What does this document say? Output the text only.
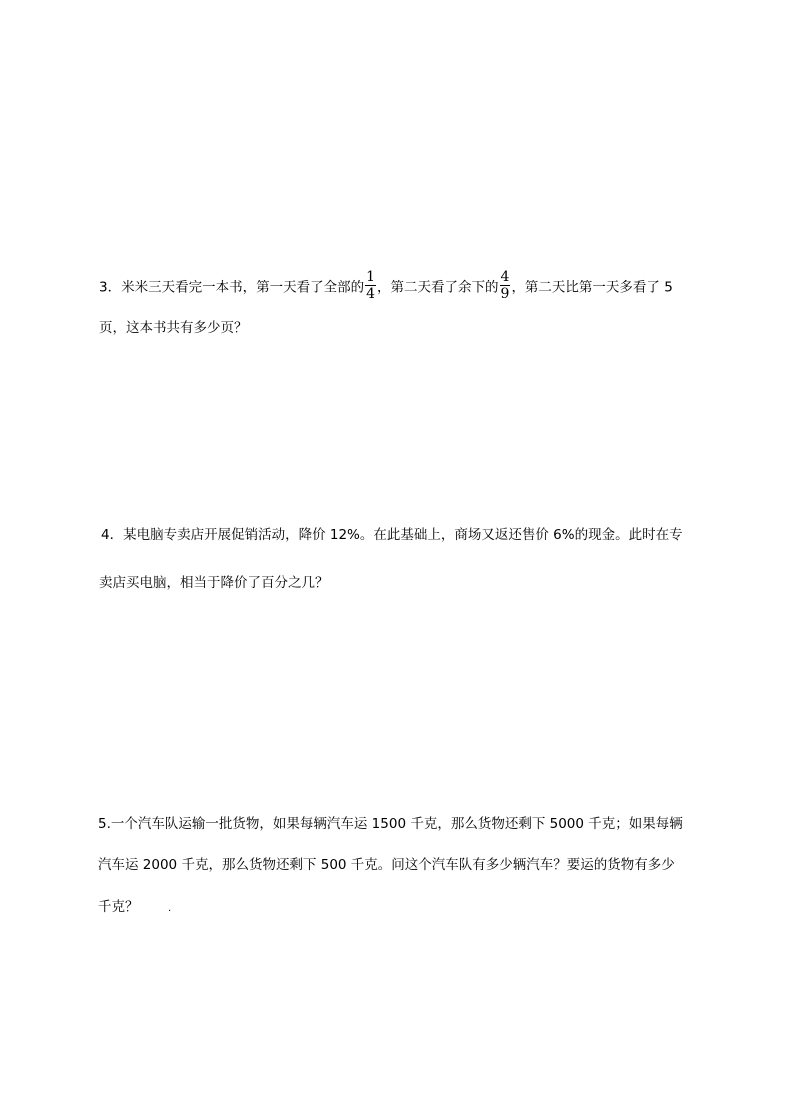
3．米米三天看完一本书，第一天看了全部的 $\frac{1}{4}$ ，第二天看了余下的 $\frac{4}{9}$ ，第二天比第一天多看了 5
页，这本书共有多少页？
4．某电脑专卖店开展促销活动，降价 12%。在此基础上，商场又返还售价 6%的现金。此时在专
卖店买电脑，相当于降价了百分之几？
5.一个汽车队运输一批货物，如果每辆汽车运 1500 千克，那么货物还剩下 5000 千克；如果每辆
汽车运 2000 千克，那么货物还剩下 500 千克。问这个汽车队有多少辆汽车？要运的货物有多少
千克？	.
